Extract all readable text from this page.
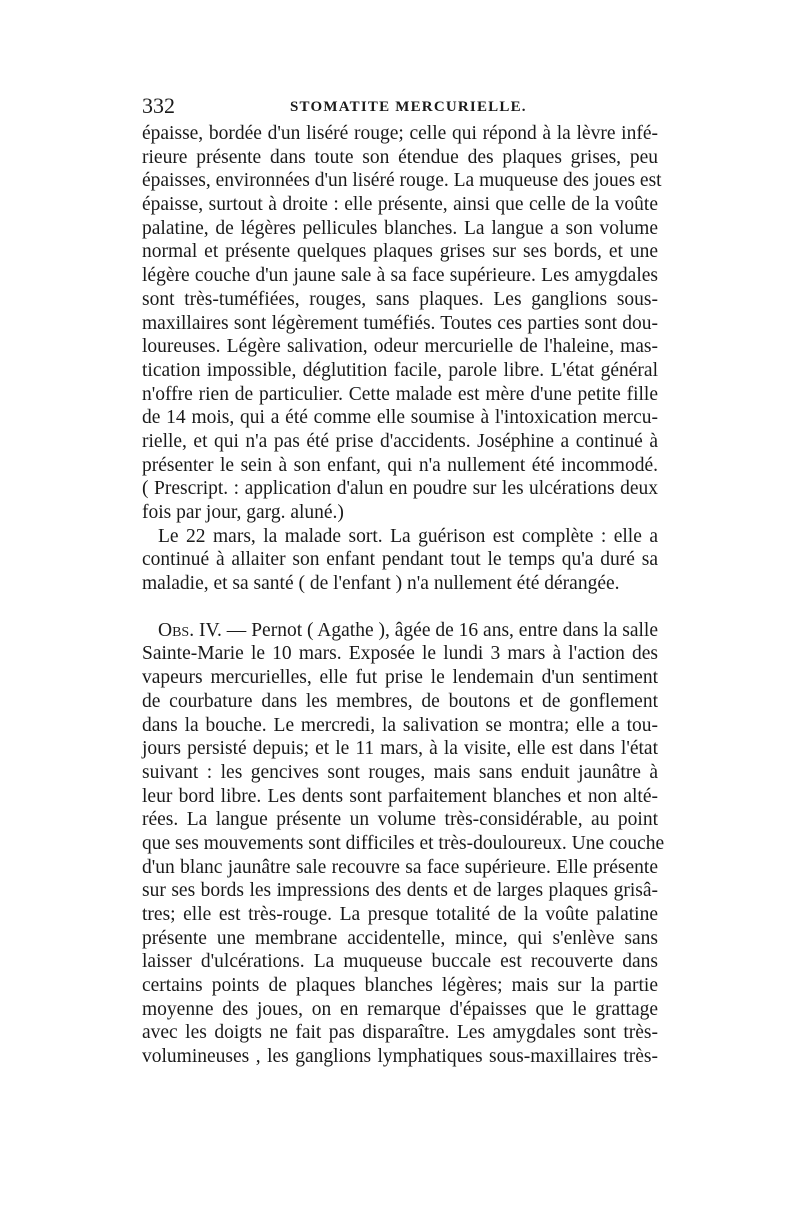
332	STOMATITE MERCURIELLE.
épaisse, bordée d'un liséré rouge; celle qui répond à la lèvre infé-
rieure présente dans toute son étendue des plaques grises, peu
épaisses, environnées d'un liséré rouge. La muqueuse des joues est
épaisse, surtout à droite : elle présente, ainsi que celle de la voûte
palatine, de légères pellicules blanches. La langue a son volume
normal et présente quelques plaques grises sur ses bords, et une
légère couche d'un jaune sale à sa face supérieure. Les amygdales
sont très-tuméfiées, rouges, sans plaques. Les ganglions sous-
maxillaires sont légèrement tuméfiés. Toutes ces parties sont dou-
loureuses. Légère salivation, odeur mercurielle de l'haleine, mas-
tication impossible, déglutition facile, parole libre. L'état général
n'offre rien de particulier. Cette malade est mère d'une petite fille
de 14 mois, qui a été comme elle soumise à l'intoxication mercu-
rielle, et qui n'a pas été prise d'accidents. Joséphine a continué à
présenter le sein à son enfant, qui n'a nullement été incommodé.
( Prescript. : application d'alun en poudre sur les ulcérations deux
fois par jour, garg. aluné.)
Le 22 mars, la malade sort. La guérison est complète : elle a
continué à allaiter son enfant pendant tout le temps qu'a duré sa
maladie, et sa santé ( de l'enfant ) n'a nullement été dérangée.
Obs. IV. — Pernot ( Agathe ), âgée de 16 ans, entre dans la salle
Sainte-Marie le 10 mars. Exposée le lundi 3 mars à l'action des
vapeurs mercurielles, elle fut prise le lendemain d'un sentiment
de courbature dans les membres, de boutons et de gonflement
dans la bouche. Le mercredi, la salivation se montra; elle a tou-
jours persisté depuis; et le 11 mars, à la visite, elle est dans l'état
suivant : les gencives sont rouges, mais sans enduit jaunâtre à
leur bord libre. Les dents sont parfaitement blanches et non alté-
rées. La langue présente un volume très-considérable, au point
que ses mouvements sont difficiles et très-douloureux. Une couche
d'un blanc jaunâtre sale recouvre sa face supérieure. Elle présente
sur ses bords les impressions des dents et de larges plaques grisâ-
tres; elle est très-rouge. La presque totalité de la voûte palatine
présente une membrane accidentelle, mince, qui s'enlève sans
laisser d'ulcérations. La muqueuse buccale est recouverte dans
certains points de plaques blanches légères; mais sur la partie
moyenne des joues, on en remarque d'épaisses que le grattage
avec les doigts ne fait pas disparaître. Les amygdales sont très-
volumineuses , les ganglions lymphatiques sous-maxillaires très-
